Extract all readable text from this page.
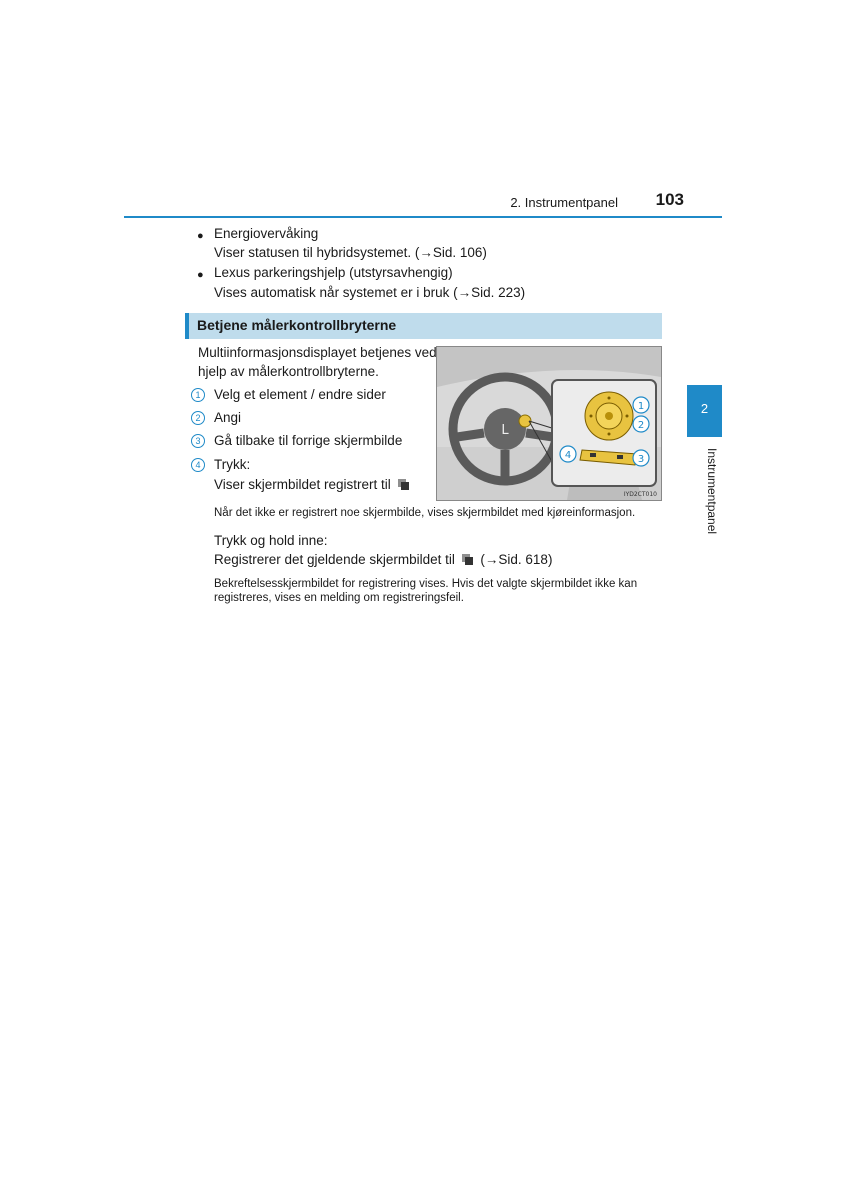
2. Instrumentpanel	103
2
Instrumentpanel
● Energiovervåking
Viser statusen til hybridsystemet. (→Sid. 106)
● Lexus parkeringshjelp (utstyrsavhengig)
Vises automatisk når systemet er i bruk (→Sid. 223)
Betjene målerkontrollbryterne
Multiinformasjonsdisplayet betjenes ved
hjelp av målerkontrollbryterne.
1	Velg et element / endre sider
2	Angi
3	Gå tilbake til forrige skjermbilde
4	Trykk:
Viser skjermbildet registrert til
Når det ikke er registrert noe skjermbilde, vises skjermbildet med kjøreinformasjon.
Trykk og hold inne:
Registrerer det gjeldende skjermbildet til (→Sid. 618)
Bekreftelsesskjermbildet for registrering vises. Hvis det valgte skjermbildet ikke kan
registreres, vises en melding om registreringsfeil.
L
1
2
3
4
IYD2CT010
